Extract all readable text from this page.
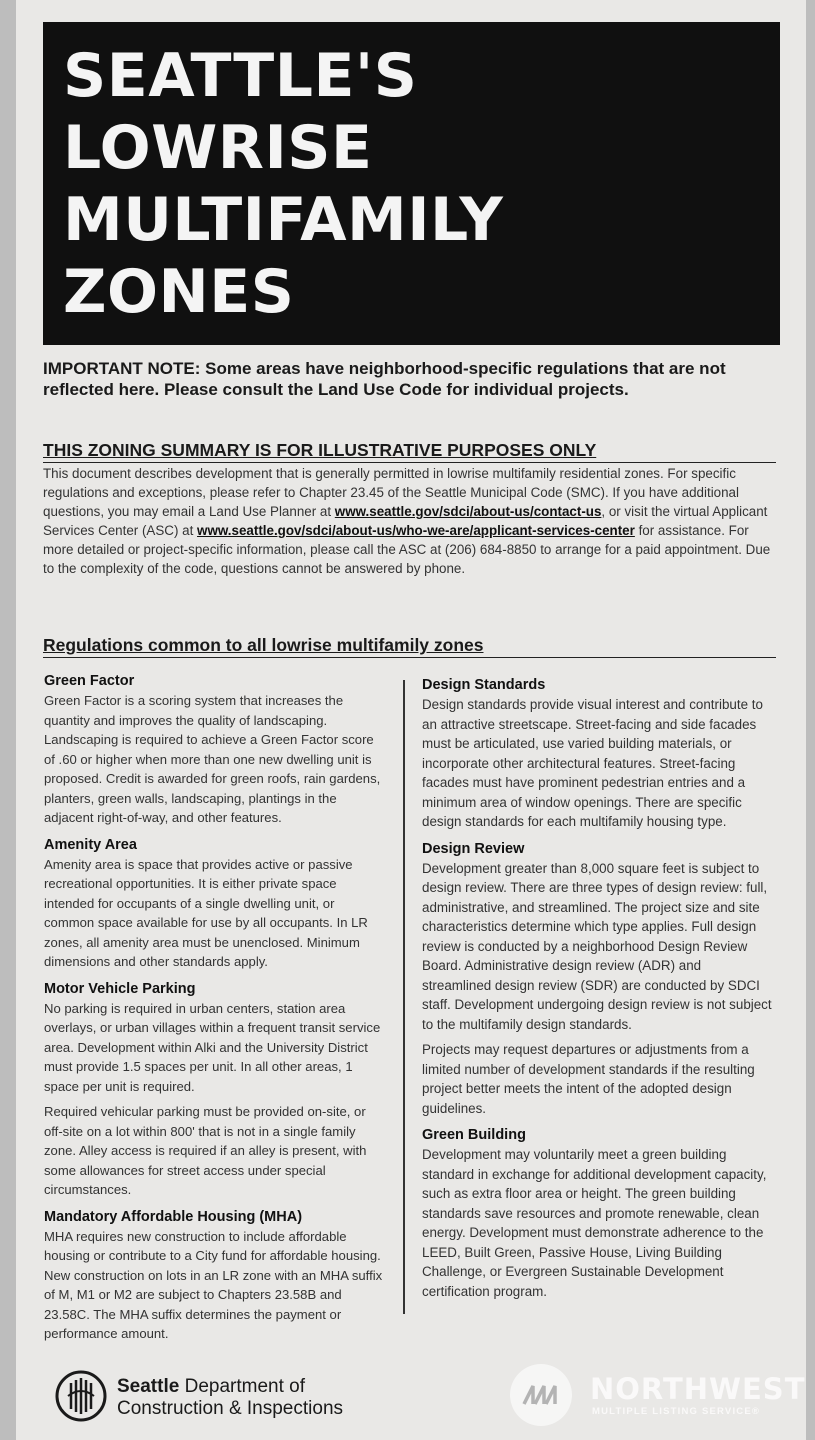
SEATTLE'S
LOWRISE
MULTIFAMILY
ZONES
IMPORTANT NOTE: Some areas have neighborhood-specific regulations that are not reflected here. Please consult the Land Use Code for individual projects.
THIS ZONING SUMMARY IS FOR ILLUSTRATIVE PURPOSES ONLY

This document describes development that is generally permitted in lowrise multifamily residential zones. For specific regulations and exceptions, please refer to Chapter 23.45 of the Seattle Municipal Code (SMC). If you have additional questions, you may email a Land Use Planner at www.seattle.gov/sdci/about-us/contact-us, or visit the virtual Applicant Services Center (ASC) at www.seattle.gov/sdci/about-us/who-we-are/applicant-services-center for assistance. For more detailed or project-specific information, please call the ASC at (206) 684-8850 to arrange for a paid appointment. Due to the complexity of the code, questions cannot be answered by phone.

Regulations common to all lowrise multifamily zones
Green Factor

Green Factor is a scoring system that increases the quantity and improves the quality of landscaping. Landscaping is required to achieve a Green Factor score of .60 or higher when more than one new dwelling unit is proposed. Credit is awarded for green roofs, rain gardens, planters, green walls, landscaping, plantings in the adjacent right-of-way, and other features.

Amenity Area

Amenity area is space that provides active or passive recreational opportunities. It is either private space intended for occupants of a single dwelling unit, or common space available for use by all occupants. In LR zones, all amenity area must be unenclosed. Minimum dimensions and other standards apply.

Motor Vehicle Parking

No parking is required in urban centers, station area overlays, or urban villages within a frequent transit service area. Development within Alki and the University District must provide 1.5 spaces per unit. In all other areas, 1 space per unit is required.

Required vehicular parking must be provided on-site, or off-site on a lot within 800' that is not in a single family zone. Alley access is required if an alley is present, with some allowances for street access under special circumstances.

Mandatory Affordable Housing (MHA)

MHA requires new construction to include affordable housing or contribute to a City fund for affordable housing. New construction on lots in an LR zone with an MHA suffix of M, M1 or M2 are subject to Chapters 23.58B and 23.58C. The MHA suffix determines the payment or performance amount.

Design Standards

Design standards provide visual interest and contribute to an attractive streetscape. Street-facing and side facades must be articulated, use varied building materials, or incorporate other architectural features. Street-facing facades must have prominent pedestrian entries and a minimum area of window openings. There are specific design standards for each multifamily housing type.

Design Review

Development greater than 8,000 square feet is subject to design review. There are three types of design review: full, administrative, and streamlined. The project size and site characteristics determine which type applies. Full design review is conducted by a neighborhood Design Review Board. Administrative design review (ADR) and streamlined design review (SDR) are conducted by SDCI staff. Development undergoing design review is not subject to the multifamily design standards.

Projects may request departures or adjustments from a limited number of development standards if the resulting project better meets the intent of the adopted design guidelines.

Green Building

Development may voluntarily meet a green building standard in exchange for additional development capacity, such as extra floor area or height. The green building standards save resources and promote renewable, clean energy. Development must demonstrate adherence to the LEED, Built Green, Passive House, Living Building Challenge, or Evergreen Sustainable Development certification program.

Seattle Department of
Construction & Inspections
NORTHWEST
MULTIPLE LISTING SERVICE®
